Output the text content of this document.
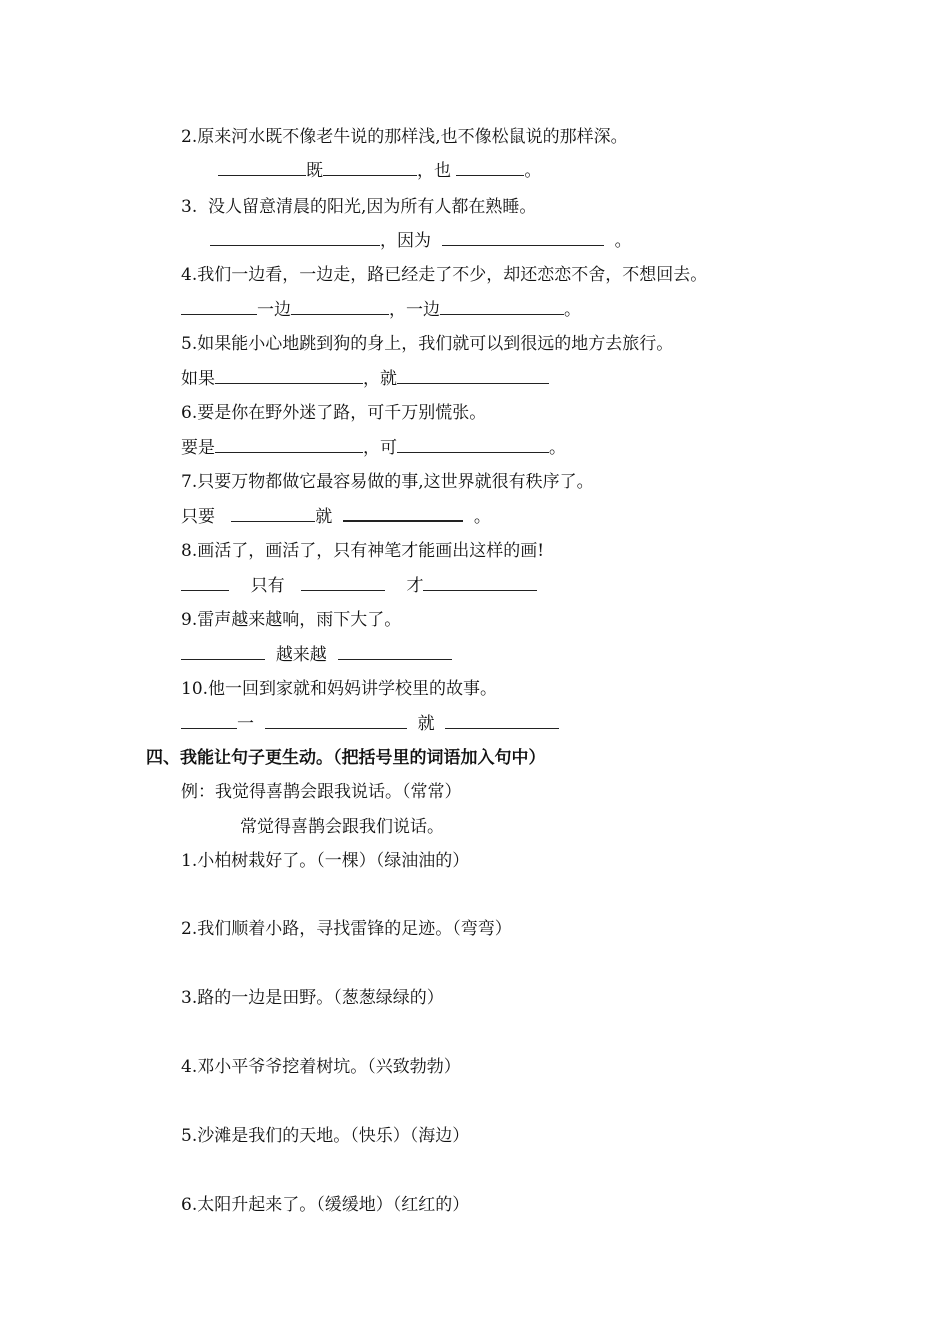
2.原来河水既不像老牛说的那样浅,也不像松鼠说的那样深。
既	，也	。
3.  没人留意清晨的阳光,因为所有人都在熟睡。
，因为	。
4.我们一边看，一边走，路已经走了不少，却还恋恋不舍，不想回去。
一边	，一边	。
5.如果能小心地跳到狗的身上，我们就可以到很远的地方去旅行。
如果	，就
6.要是你在野外迷了路，可千万别慌张。
要是	，可	。
7.只要万物都做它最容易做的事,这世界就很有秩序了。
只要	就	。
8.画活了，画活了，只有神笔才能画出这样的画!
只有	才
9.雷声越来越响，雨下大了。
越来越
10.他一回到家就和妈妈讲学校里的故事。
一	就
四、我能让句子更生动。（把括号里的词语加入句中）
例：我觉得喜鹊会跟我说话。（常常）
常觉得喜鹊会跟我们说话。
1.小柏树栽好了。（一棵）（绿油油的）
2.我们顺着小路，寻找雷锋的足迹。（弯弯）
3.路的一边是田野。（葱葱绿绿的）
4.邓小平爷爷挖着树坑。（兴致勃勃）
5.沙滩是我们的天地。（快乐）（海边）
6.太阳升起来了。（缓缓地）（红红的）
